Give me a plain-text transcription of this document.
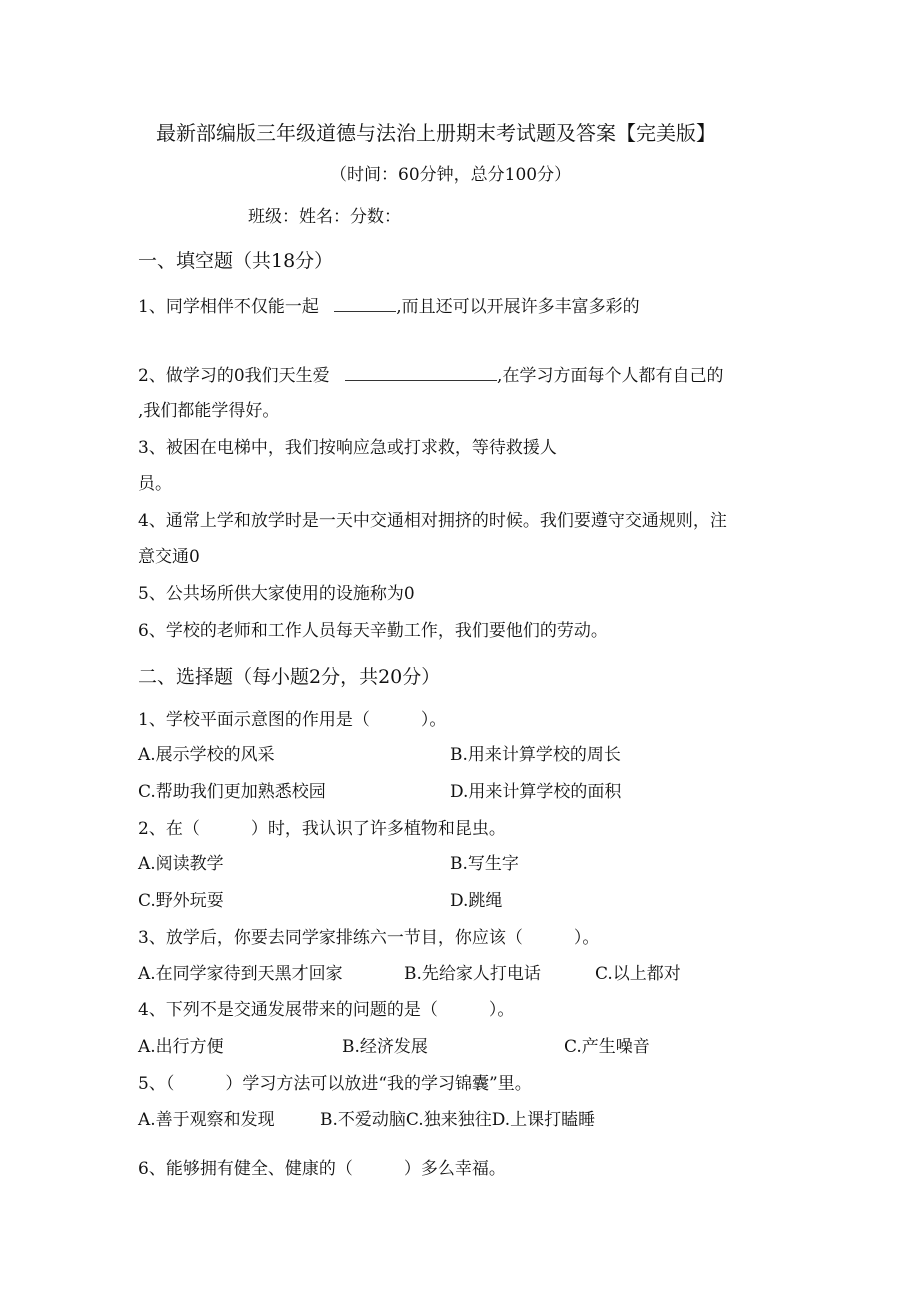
最新部编版三年级道德与法治上册期末考试题及答案【完美版】
（时间：60分钟，总分100分）
班级：姓名：分数：
一、填空题（共18分）
1、同学相伴不仅能一起	,而且还可以开展许多丰富多彩的
2、做学习的0我们天生爱	,在学习方面每个人都有自己的
,我们都能学得好。
3、被困在电梯中，我们按响应急或打求救，等待救援人
员。
4、通常上学和放学时是一天中交通相对拥挤的时候。我们要遵守交通规则，注
意交通0
5、公共场所供大家使用的设施称为0
6、学校的老师和工作人员每天辛勤工作，我们要他们的劳动。
二、选择题（每小题2分，共20分）
1、学校平面示意图的作用是（　　　）。
A.展示学校的风采	B.用来计算学校的周长
C.帮助我们更加熟悉校园	D.用来计算学校的面积
2、在（　　　）时，我认识了许多植物和昆虫。
A.阅读教学	B.写生字
C.野外玩耍	D.跳绳
3、放学后，你要去同学家排练六一节目，你应该（　　　）。
A.在同学家待到天黑才回家	B.先给家人打电话	C.以上都对
4、下列不是交通发展带来的问题的是（　　　）。
A.出行方便	B.经济发展	C.产生噪音
5、（　　　）学习方法可以放进“我的学习锦囊”里。
A.善于观察和发现	B.不爱动脑C.独来独往D.上课打瞌睡
6、能够拥有健全、健康的（　　　）多么幸福。
